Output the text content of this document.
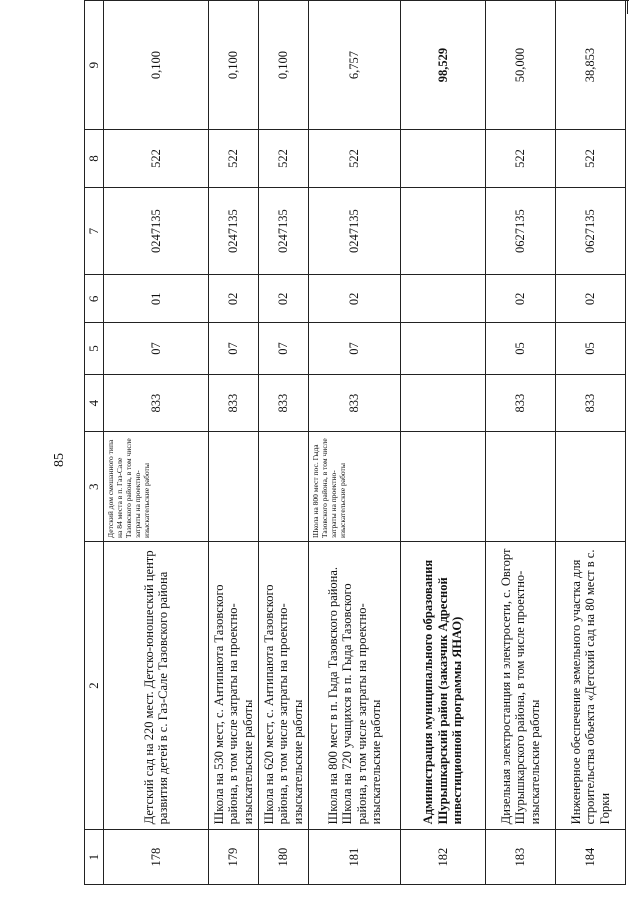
85
1	2	3	4	5	6	7	8	9
178	Детский сад на 220 мест. Детско-юношеский центр развития детей в с. Газ-Сале Тазовского района	Детский дом смешанного типа на 84 места в п. Газ-Сале Тазовского района, в том числе затраты на проектно-изыскательские работы	833	07	01	0247135	522	0,100
179	Школа на 530 мест, с. Антипаюта Тазовского района, в том числе затраты на проектно-изыскательские работы		833	07	02	0247135	522	0,100
180	Школа на 620 мест, с. Антипаюта Тазовского района, в том числе затраты на проектно-изыскательские работы		833	07	02	0247135	522	0,100
181	Школа на 800 мест в п. Гыда Тазовского района. Школа на 720 учащихся в п. Гыда Тазовского района, в том числе затраты на проектно-изыскательские работы	Школа на 800 мест пос. Гыда Тазовского района, в том числе затраты на проектно-изыскательские работы	833	07	02	0247135	522	6,757
182	Администрация муниципального образования Шурышкарский район (заказчик Адресной инвестиционной программы ЯНАО)							98,529
183	Дизельная электростанция и электросети, с. Овгорт Шурышкарского района, в том числе проектно-изыскательские работы		833	05	02	0627135	522	50,000
184	Инженерное обеспечение земельного участка для строительства объекта «Детский сад на 80 мест в с. Горки		833	05	02	0627135	522	38,853
